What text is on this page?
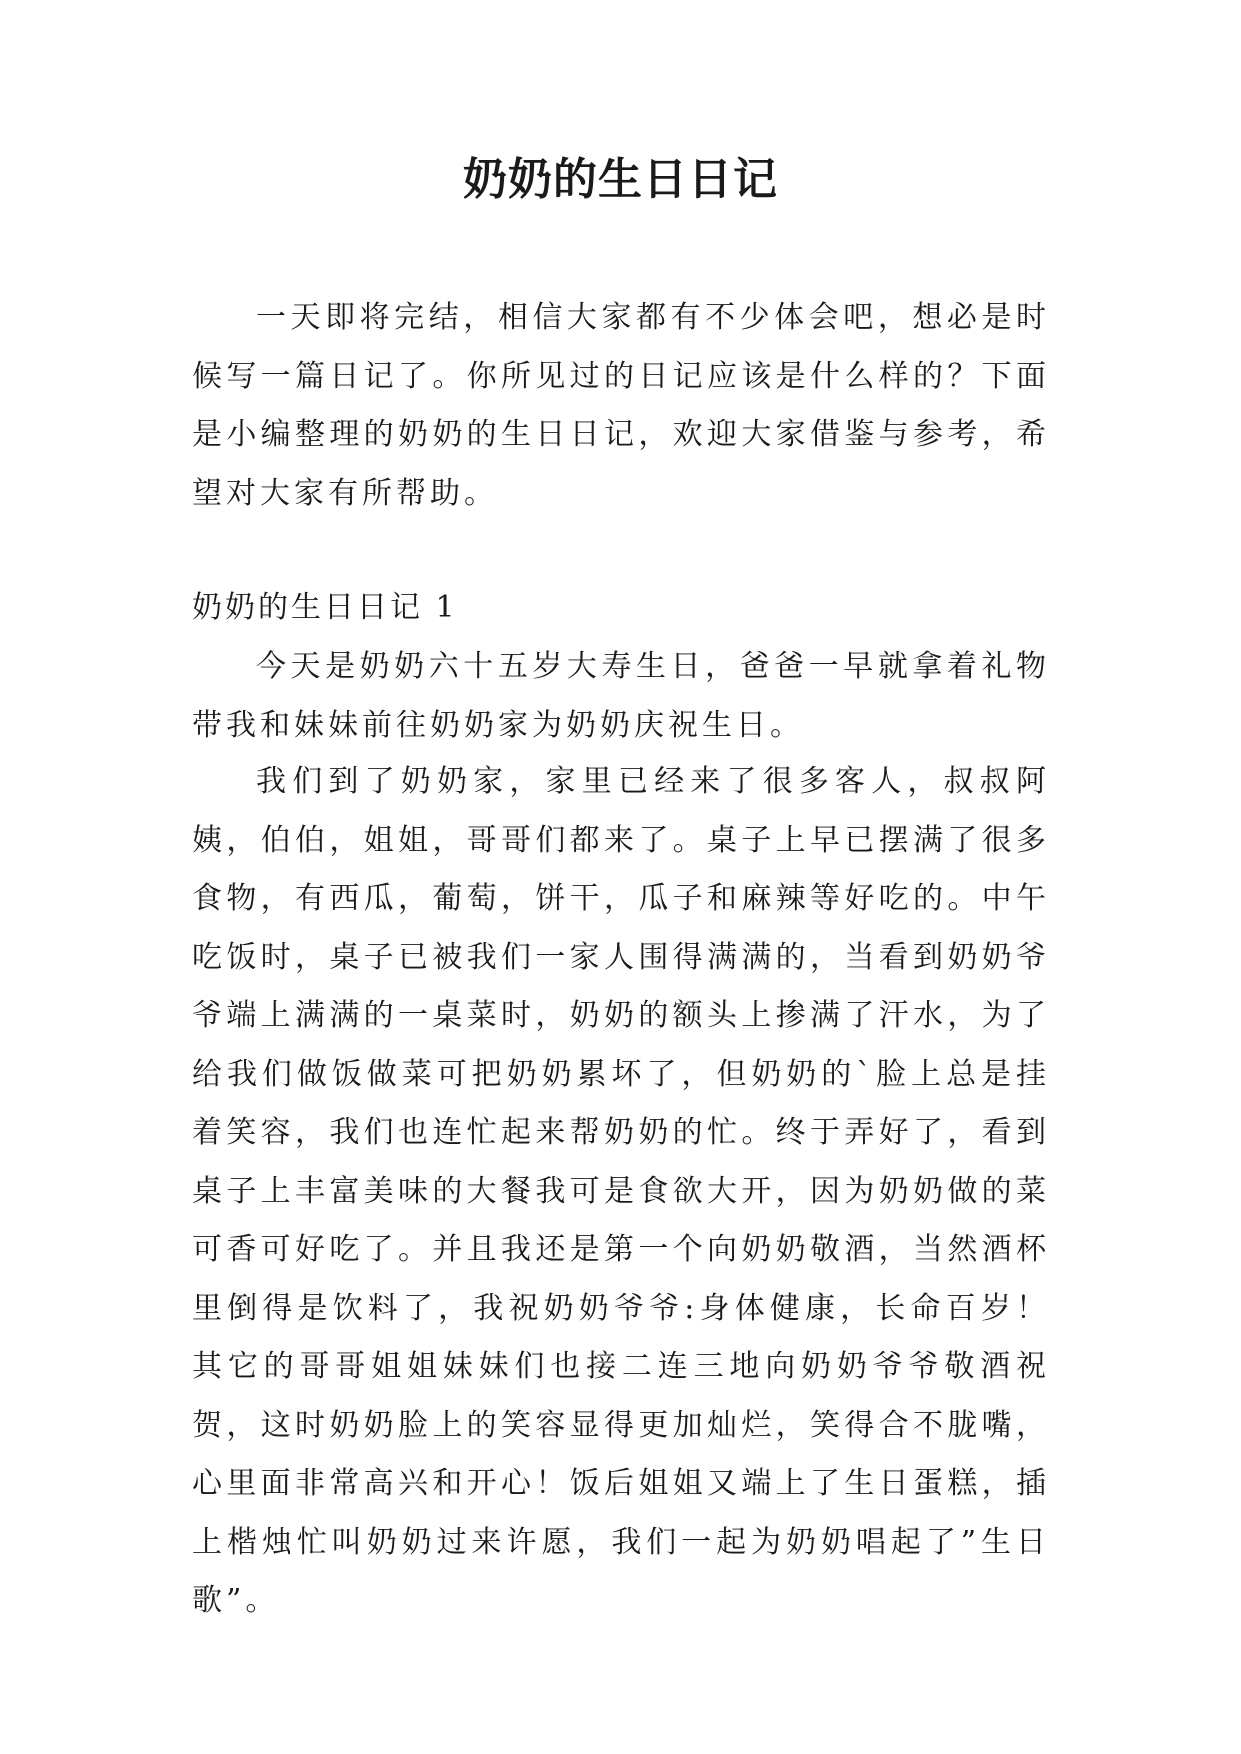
奶奶的生日日记

一天即将完结，相信大家都有不少体会吧，想必是时候写一篇日记了。你所见过的日记应该是什么样的？下面是小编整理的奶奶的生日日记，欢迎大家借鉴与参考，希望对大家有所帮助。

奶奶的生日日记 1

今天是奶奶六十五岁大寿生日，爸爸一早就拿着礼物带我和妹妹前往奶奶家为奶奶庆祝生日。

我们到了奶奶家，家里已经来了很多客人，叔叔阿姨，伯伯，姐姐，哥哥们都来了。桌子上早已摆满了很多食物，有西瓜，葡萄，饼干，瓜子和麻辣等好吃的。中午吃饭时，桌子已被我们一家人围得满满的，当看到奶奶爷爷端上满满的一桌菜时，奶奶的额头上掺满了汗水，为了给我们做饭做菜可把奶奶累坏了，但奶奶的`脸上总是挂着笑容，我们也连忙起来帮奶奶的忙。终于弄好了，看到桌子上丰富美味的大餐我可是食欲大开，因为奶奶做的菜可香可好吃了。并且我还是第一个向奶奶敬酒，当然酒杯里倒得是饮料了，我祝奶奶爷爷:身体健康，长命百岁！其它的哥哥姐姐妹妹们也接二连三地向奶奶爷爷敬酒祝贺，这时奶奶脸上的笑容显得更加灿烂，笑得合不胧嘴，心里面非常高兴和开心！饭后姐姐又端上了生日蛋糕，插上楷烛忙叫奶奶过来许愿，我们一起为奶奶唱起了”生日歌”。
